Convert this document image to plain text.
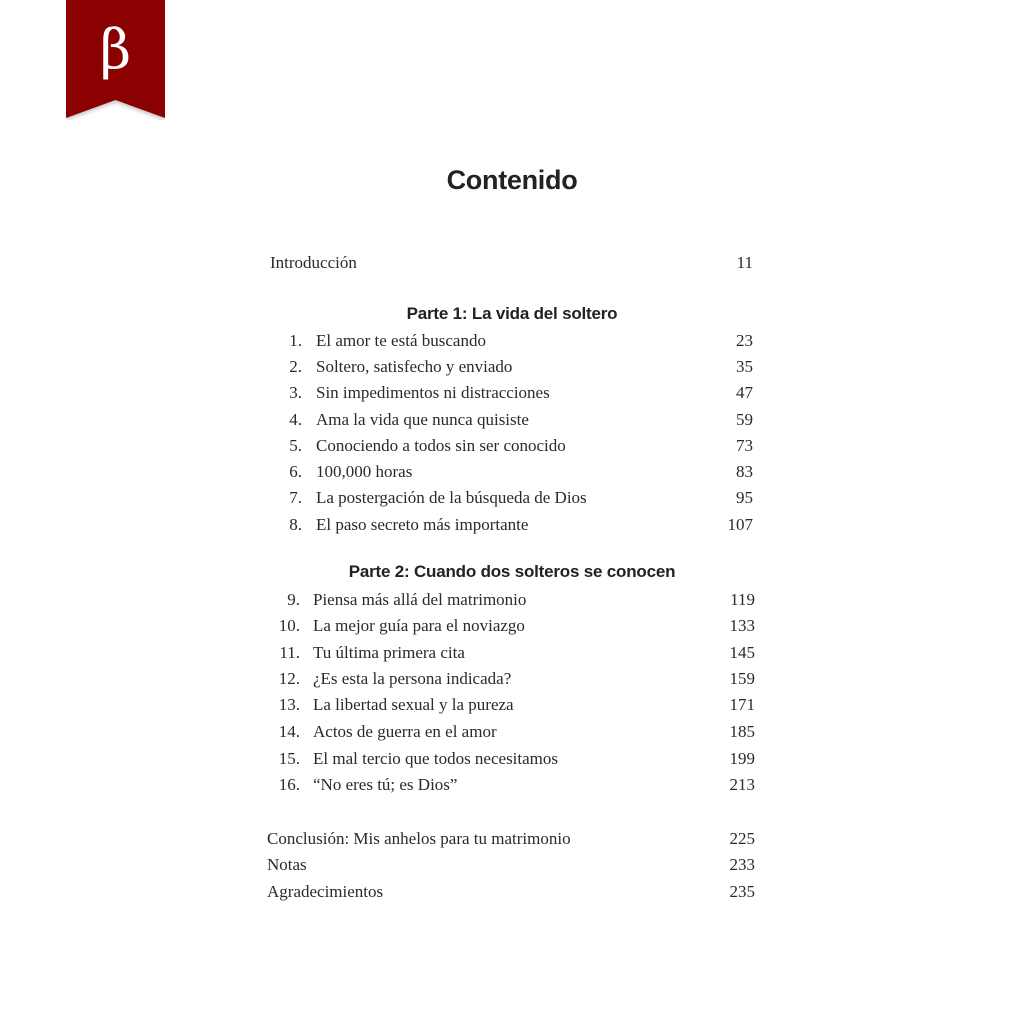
β
Contenido
Introducción	11
Parte 1: La vida del soltero
1. El amor te está buscando	23
2. Soltero, satisfecho y enviado	35
3. Sin impedimentos ni distracciones	47
4. Ama la vida que nunca quisiste	59
5. Conociendo a todos sin ser conocido	73
6. 100,000 horas	83
7. La postergación de la búsqueda de Dios	95
8. El paso secreto más importante	107
Parte 2: Cuando dos solteros se conocen
9. Piensa más allá del matrimonio	119
10. La mejor guía para el noviazgo	133
11. Tu última primera cita	145
12. ¿Es esta la persona indicada?	159
13. La libertad sexual y la pureza	171
14. Actos de guerra en el amor	185
15. El mal tercio que todos necesitamos	199
16. “No eres tú; es Dios”	213
Conclusión: Mis anhelos para tu matrimonio	225
Notas	233
Agradecimientos	235
